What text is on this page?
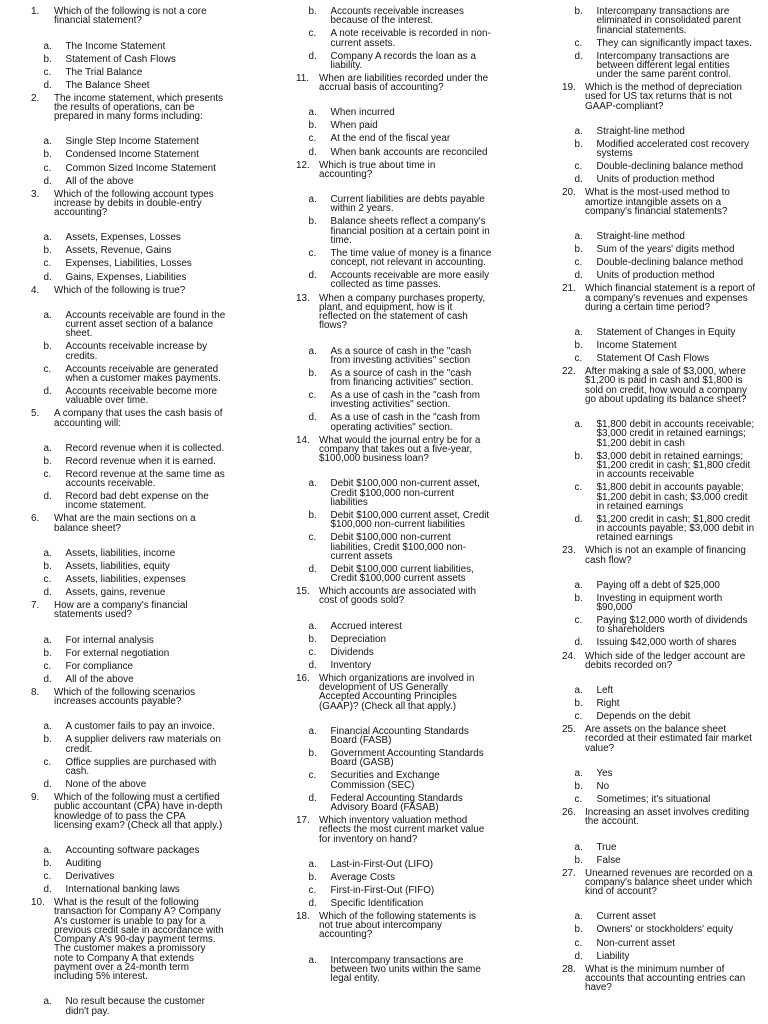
1. Which of the following is not a core
financial statement?
a. The Income Statement
b. Statement of Cash Flows
c. The Trial Balance
d. The Balance Sheet
2. The income statement, which presents
the results of operations, can be
prepared in many forms including:
a. Single Step Income Statement
b. Condensed Income Statement
c. Common Sized Income Statement
d. All of the above
3. Which of the following account types
increase by debits in double-entry
accounting?
a. Assets, Expenses, Losses
b. Assets, Revenue, Gains
c. Expenses, Liabilities, Losses
d. Gains, Expenses, Liabilities
4. Which of the following is true?
a. Accounts receivable are found in the
current asset section of a balance
sheet.
b. Accounts receivable increase by
credits.
c. Accounts receivable are generated
when a customer makes payments.
d. Accounts receivable become more
valuable over time.
5. A company that uses the cash basis of
accounting will:
a. Record revenue when it is collected.
b. Record revenue when it is earned.
c. Record revenue at the same time as
accounts receivable.
d. Record bad debt expense on the
income statement.
6. What are the main sections on a
balance sheet?
a. Assets, liabilities, income
b. Assets, liabilities, equity
c. Assets, liabilities, expenses
d. Assets, gains, revenue
7. How are a company's financial
statements used?
a. For internal analysis
b. For external negotiation
c. For compliance
d. All of the above
8. Which of the following scenarios
increases accounts payable?
a. A customer fails to pay an invoice.
b. A supplier delivers raw materials on
credit.
c. Office supplies are purchased with
cash.
d. None of the above
9. Which of the following must a certified
public accountant (CPA) have in-depth
knowledge of to pass the CPA
licensing exam? (Check all that apply.)
a. Accounting software packages
b. Auditing
c. Derivatives
d. International banking laws
10. What is the result of the following
transaction for Company A? Company
A's customer is unable to pay for a
previous credit sale in accordance with
Company A's 90-day payment terms.
The customer makes a promissory
note to Company A that extends
payment over a 24-month term
including 5% interest.
a. No result because the customer
didn't pay.
b. Accounts receivable increases
because of the interest.
c. A note receivable is recorded in non-
current assets.
d. Company A records the loan as a
liability.
11. When are liabilities recorded under the
accrual basis of accounting?
a. When incurred
b. When paid
c. At the end of the fiscal year
d. When bank accounts are reconciled
12. Which is true about time in
accounting?
a. Current liabilities are debts payable
within 2 years.
b. Balance sheets reflect a company's
financial position at a certain point in
time.
c. The time value of money is a finance
concept, not relevant in accounting.
d. Accounts receivable are more easily
collected as time passes.
13. When a company purchases property,
plant, and equipment, how is it
reflected on the statement of cash
flows?
a. As a source of cash in the "cash
from investing activities" section
b. As a source of cash in the "cash
from financing activities" section.
c. As a use of cash in the "cash from
investing activities" section.
d. As a use of cash in the "cash from
operating activities" section.
14. What would the journal entry be for a
company that takes out a five-year,
$100,000 business loan?
a. Debit $100,000 non-current asset,
Credit $100,000 non-current
liabilities
b. Debit $100,000 current asset, Credit
$100,000 non-current liabilities
c. Debit $100,000 non-current
liabilities, Credit $100,000 non-
current assets
d. Debit $100,000 current liabilities,
Credit $100,000 current assets
15. Which accounts are associated with
cost of goods sold?
a. Accrued interest
b. Depreciation
c. Dividends
d. Inventory
16. Which organizations are involved in
development of US Generally
Accepted Accounting Principles
(GAAP)? (Check all that apply.)
a. Financial Accounting Standards
Board (FASB)
b. Government Accounting Standards
Board (GASB)
c. Securities and Exchange
Commission (SEC)
d. Federal Accounting Standards
Advisory Board (FASAB)
17. Which inventory valuation method
reflects the most current market value
for inventory on hand?
a. Last-in-First-Out (LIFO)
b. Average Costs
c. First-in-First-Out (FIFO)
d. Specific Identification
18. Which of the following statements is
not true about intercompany
accounting?
a. Intercompany transactions are
between two units within the same
legal entity.
b. Intercompany transactions are
eliminated in consolidated parent
financial statements.
c. They can significantly impact taxes.
d. Intercompany transactions are
between different legal entities
under the same parent control.
19. Which is the method of depreciation
used for US tax returns that is not
GAAP-compliant?
a. Straight-line method
b. Modified accelerated cost recovery
systems
c. Double-declining balance method
d. Units of production method
20. What is the most-used method to
amortize intangible assets on a
company's financial statements?
a. Straight-line method
b. Sum of the years' digits method
c. Double-declining balance method
d. Units of production method
21. Which financial statement is a report of
a company's revenues and expenses
during a certain time period?
a. Statement of Changes in Equity
b. Income Statement
c. Statement Of Cash Flows
22. After making a sale of $3,000, where
$1,200 is paid in cash and $1,800 is
sold on credit, how would a company
go about updating its balance sheet?
a. $1,800 debit in accounts receivable;
$3,000 credit in retained earnings;
$1,200 debit in cash
b. $3,000 debit in retained earnings;
$1,200 credit in cash; $1,800 credit
in accounts receivable
c. $1,800 debit in accounts payable;
$1,200 debit in cash; $3,000 credit
in retained earnings
d. $1,200 credit in cash; $1,800 credit
in accounts payable; $3,000 debit in
retained earnings
23. Which is not an example of financing
cash flow?
a. Paying off a debt of $25,000
b. Investing in equipment worth
$90,000
c. Paying $12,000 worth of dividends
to shareholders
d. Issuing $42,000 worth of shares
24. Which side of the ledger account are
debits recorded on?
a. Left
b. Right
c. Depends on the debit
25. Are assets on the balance sheet
recorded at their estimated fair market
value?
a. Yes
b. No
c. Sometimes; it's situational
26. Increasing an asset involves crediting
the account.
a. True
b. False
27. Unearned revenues are recorded on a
company's balance sheet under which
kind of account?
a. Current asset
b. Owners' or stockholders' equity
c. Non-current asset
d. Liability
28. What is the minimum number of
accounts that accounting entries can
have?
